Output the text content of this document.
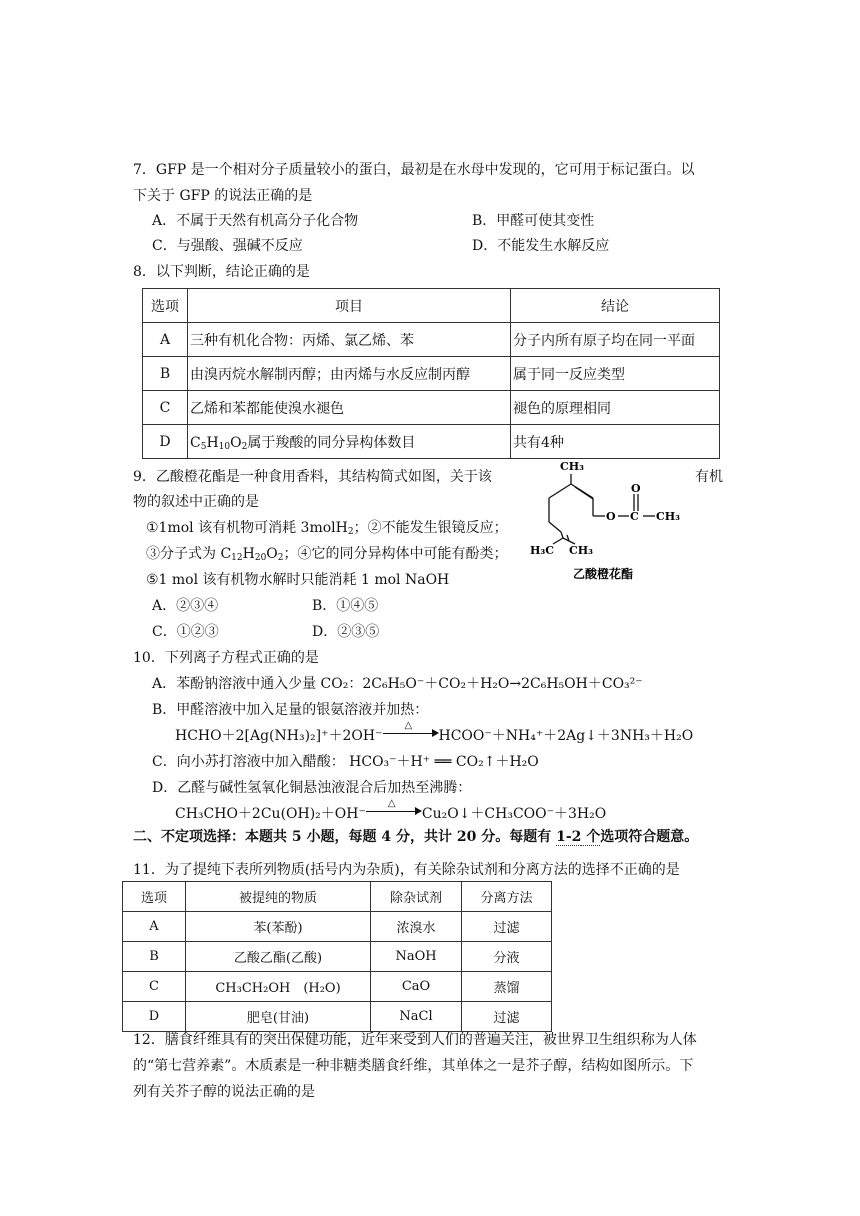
7．GFP 是一个相对分子质量较小的蛋白，最初是在水母中发现的，它可用于标记蛋白。以
下关于 GFP 的说法正确的是
A．不属于天然有机高分子化合物	B．甲醛可使其变性
C．与强酸、强碱不反应	D．不能发生水解反应
8．以下判断，结论正确的是
选项	项目	结论
A	三种有机化合物：丙烯、氯乙烯、苯	分子内所有原子均在同一平面
B	由溴丙烷水解制丙醇；由丙烯与水反应制丙醇	属于同一反应类型
C	乙烯和苯都能使溴水褪色	褪色的原理相同
D	C5H10O2属于羧酸的同分异构体数目	共有4种
9．乙酸橙花酯是一种食用香料，其结构简式如图，关于该	有机
物的叙述中正确的是
①1mol 该有机物可消耗 3molH2；②不能发生银镜反应；
③分子式为 C12H20O2；④它的同分异构体中可能有酚类；
⑤1 mol 该有机物水解时只能消耗 1 mol NaOH
A．②③④	B．①④⑤
C．①②③	D．②③⑤
CH₃
O
O
C CH₃
H₃C CH₃
乙酸橙花酯
10．下列离子方程式正确的是
A．苯酚钠溶液中通入少量 CO₂：2C₆H₅O⁻＋CO₂＋H₂O→2C₆H₅OH＋CO₃²⁻
B．甲醛溶液中加入足量的银氨溶液并加热：
HCHO＋2[Ag(NH₃)₂]⁺＋2OH⁻
△
HCOO⁻＋NH₄⁺＋2Ag↓＋3NH₃＋H₂O
C．向小苏打溶液中加入醋酸： HCO₃⁻＋H⁺ ══ CO₂↑＋H₂O
D．乙醛与碱性氢氧化铜悬浊液混合后加热至沸腾：
CH₃CHO＋2Cu(OH)₂＋OH⁻
△
Cu₂O↓＋CH₃COO⁻＋3H₂O
二、不定项选择：本题共 5 小题，每题 4 分，共计 20 分。每题有 1-2 个选项符合题意。
11．为了提纯下表所列物质(括号内为杂质)，有关除杂试剂和分离方法的选择不正确的是
选项	被提纯的物质	除杂试剂	分离方法
A	苯(苯酚)	浓溴水	过滤
B	乙酸乙酯(乙酸)	NaOH	分液
C	CH₃CH₂OH　(H₂O)	CaO	蒸馏
D	肥皂(甘油)	NaCl	过滤
12．膳食纤维具有的突出保健功能，近年来受到人们的普遍关注，被世界卫生组织称为人体
的“第七营养素”。木质素是一种非糖类膳食纤维，其单体之一是芥子醇，结构如图所示。下
列有关芥子醇的说法正确的是
